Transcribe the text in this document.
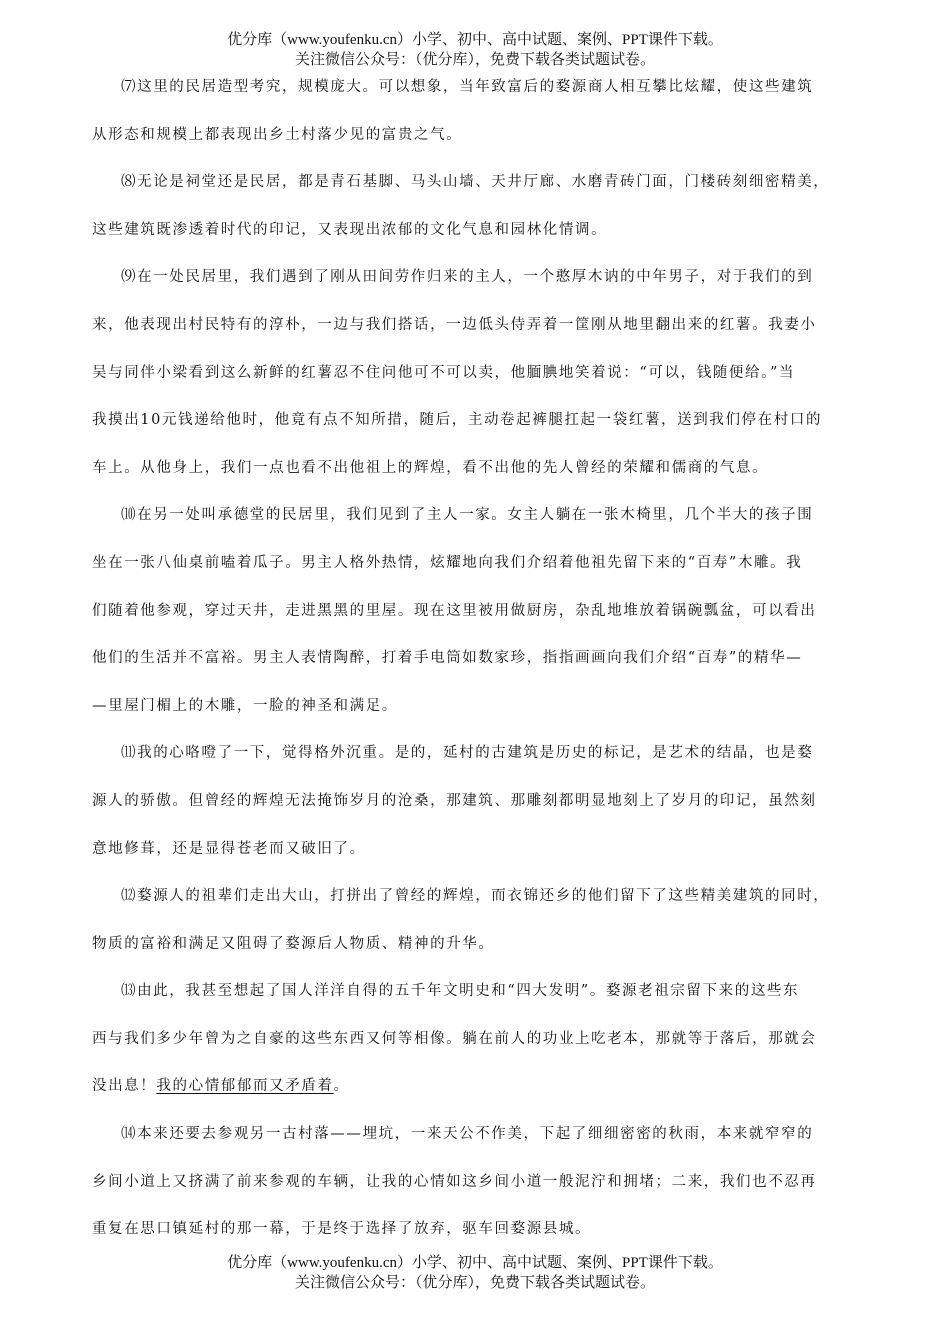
优分库（www.youfenku.cn）小学、初中、高中试题、案例、PPT课件下载。
关注微信公众号：（优分库），免费下载各类试题试卷。

⑺这里的民居造型考究，规模庞大。可以想象，当年致富后的婺源商人相互攀比炫耀，使这些建筑
从形态和规模上都表现出乡土村落少见的富贵之气。

⑻无论是祠堂还是民居，都是青石基脚、马头山墙、天井厅廊、水磨青砖门面，门楼砖刻细密精美，
这些建筑既渗透着时代的印记，又表现出浓郁的文化气息和园林化情调。

⑼在一处民居里，我们遇到了刚从田间劳作归来的主人，一个憨厚木讷的中年男子，对于我们的到
来，他表现出村民特有的淳朴，一边与我们搭话，一边低头侍弄着一筐刚从地里翻出来的红薯。我妻小
吴与同伴小梁看到这么新鲜的红薯忍不住问他可不可以卖，他腼腆地笑着说：“可以，钱随便给。”当
我摸出10元钱递给他时，他竟有点不知所措，随后，主动卷起裤腿扛起一袋红薯，送到我们停在村口的
车上。从他身上，我们一点也看不出他祖上的辉煌，看不出他的先人曾经的荣耀和儒商的气息。

⑽在另一处叫承德堂的民居里，我们见到了主人一家。女主人躺在一张木椅里，几个半大的孩子围
坐在一张八仙桌前嗑着瓜子。男主人格外热情，炫耀地向我们介绍着他祖先留下来的“百寿”木雕。我
们随着他参观，穿过天井，走进黑黑的里屋。现在这里被用做厨房，杂乱地堆放着锅碗瓢盆，可以看出
他们的生活并不富裕。男主人表情陶醉，打着手电筒如数家珍，指指画画向我们介绍“百寿”的精华—
—里屋门楣上的木雕，一脸的神圣和满足。

⑾我的心咯噔了一下，觉得格外沉重。是的，延村的古建筑是历史的标记，是艺术的结晶，也是婺
源人的骄傲。但曾经的辉煌无法掩饰岁月的沧桑，那建筑、那雕刻都明显地刻上了岁月的印记，虽然刻
意地修葺，还是显得苍老而又破旧了。

⑿婺源人的祖辈们走出大山，打拼出了曾经的辉煌，而衣锦还乡的他们留下了这些精美建筑的同时，
物质的富裕和满足又阻碍了婺源后人物质、精神的升华。

⒀由此，我甚至想起了国人洋洋自得的五千年文明史和“四大发明”。婺源老祖宗留下来的这些东
西与我们多少年曾为之自豪的这些东西又何等相像。躺在前人的功业上吃老本，那就等于落后，那就会
没出息！我的心情郁郁而又矛盾着。

⒁本来还要去参观另一古村落——埋坑，一来天公不作美，下起了细细密密的秋雨，本来就窄窄的
乡间小道上又挤满了前来参观的车辆，让我的心情如这乡间小道一般泥泞和拥堵；二来，我们也不忍再
重复在思口镇延村的那一幕，于是终于选择了放弃，驱车回婺源县城。

优分库（www.youfenku.cn）小学、初中、高中试题、案例、PPT课件下载。
关注微信公众号：（优分库），免费下载各类试题试卷。
